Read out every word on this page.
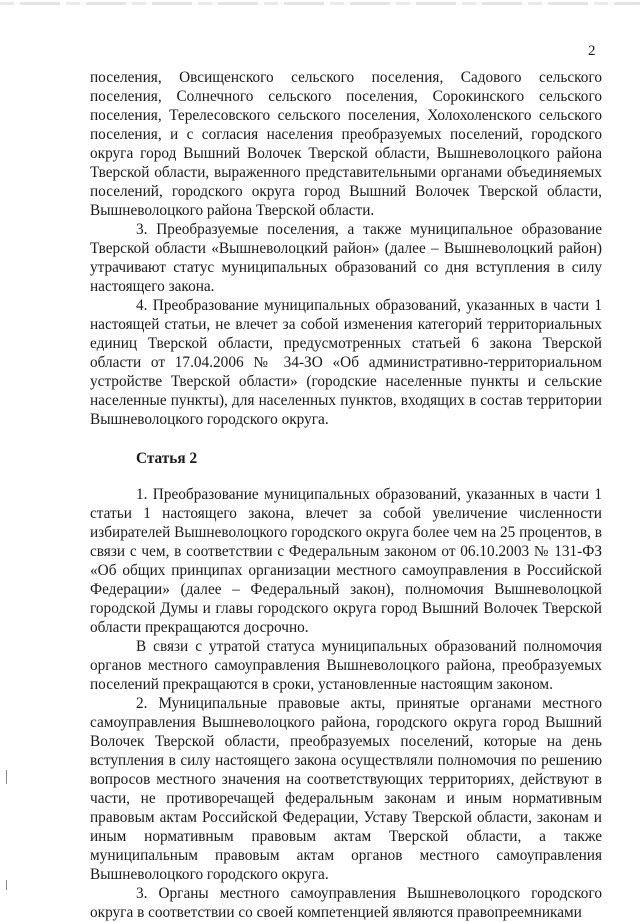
2

поселения, Овсищенского сельского поселения, Садового сельского поселения, Солнечного сельского поселения, Сорокинского сельского поселения, Терелесовского сельского поселения, Холохоленского сельского поселения, и с согласия населения преобразуемых поселений, городского округа город Вышний Волочек Тверской области, Вышневолоцкого района Тверской области, выраженного представительными органами объединяемых поселений, городского округа город Вышний Волочек Тверской области, Вышневолоцкого района Тверской области.

3. Преобразуемые поселения, а также муниципальное образование Тверской области «Вышневолоцкий район» (далее – Вышневолоцкий район) утрачивают статус муниципальных образований со дня вступления в силу настоящего закона.

4. Преобразование муниципальных образований, указанных в части 1 настоящей статьи, не влечет за собой изменения категорий территориальных единиц Тверской области, предусмотренных статьей 6 закона Тверской области от 17.04.2006 № 34-ЗО «Об административно-территориальном устройстве Тверской области» (городские населенные пункты и сельские населенные пункты), для населенных пунктов, входящих в состав территории Вышневолоцкого городского округа.

Статья 2

1. Преобразование муниципальных образований, указанных в части 1 статьи 1 настоящего закона, влечет за собой увеличение численности избирателей Вышневолоцкого городского округа более чем на 25 процентов, в связи с чем, в соответствии с Федеральным законом от 06.10.2003 № 131-ФЗ «Об общих принципах организации местного самоуправления в Российской Федерации» (далее – Федеральный закон), полномочия Вышневолоцкой городской Думы и главы городского округа город Вышний Волочек Тверской области прекращаются досрочно.

В связи с утратой статуса муниципальных образований полномочия органов местного самоуправления Вышневолоцкого района, преобразуемых поселений прекращаются в сроки, установленные настоящим законом.

2. Муниципальные правовые акты, принятые органами местного самоуправления Вышневолоцкого района, городского округа город Вышний Волочек Тверской области, преобразуемых поселений, которые на день вступления в силу настоящего закона осуществляли полномочия по решению вопросов местного значения на соответствующих территориях, действуют в части, не противоречащей федеральным законам и иным нормативным правовым актам Российской Федерации, Уставу Тверской области, законам и иным нормативным правовым актам Тверской области, а также муниципальным правовым актам органов местного самоуправления Вышневолоцкого городского округа.

3. Органы местного самоуправления Вышневолоцкого городского округа в соответствии со своей компетенцией являются правопреемниками
